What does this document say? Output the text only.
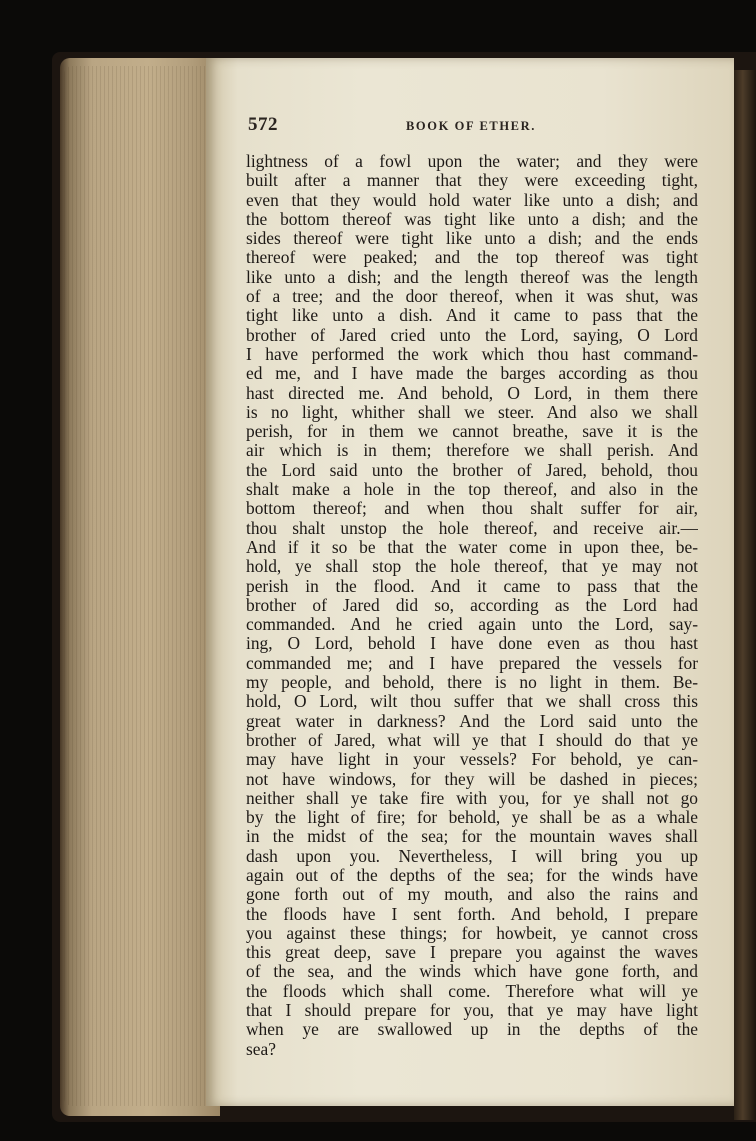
572	BOOK OF ETHER.
lightness of a fowl upon the water; and they were
built after a manner that they were exceeding tight,
even that they would hold water like unto a dish; and
the bottom thereof was tight like unto a dish; and the
sides thereof were tight like unto a dish; and the ends
thereof were peaked; and the top thereof was tight
like unto a dish; and the length thereof was the length
of a tree; and the door thereof, when it was shut, was
tight like unto a dish. And it came to pass that the
brother of Jared cried unto the Lord, saying, O Lord
I have performed the work which thou hast command-
ed me, and I have made the barges according as thou
hast directed me. And behold, O Lord, in them there
is no light, whither shall we steer. And also we shall
perish, for in them we cannot breathe, save it is the
air which is in them; therefore we shall perish. And
the Lord said unto the brother of Jared, behold, thou
shalt make a hole in the top thereof, and also in the
bottom thereof; and when thou shalt suffer for air,
thou shalt unstop the hole thereof, and receive air.—
And if it so be that the water come in upon thee, be-
hold, ye shall stop the hole thereof, that ye may not
perish in the flood. And it came to pass that the
brother of Jared did so, according as the Lord had
commanded. And he cried again unto the Lord, say-
ing, O Lord, behold I have done even as thou hast
commanded me; and I have prepared the vessels for
my people, and behold, there is no light in them. Be-
hold, O Lord, wilt thou suffer that we shall cross this
great water in darkness? And the Lord said unto the
brother of Jared, what will ye that I should do that ye
may have light in your vessels? For behold, ye can-
not have windows, for they will be dashed in pieces;
neither shall ye take fire with you, for ye shall not go
by the light of fire; for behold, ye shall be as a whale
in the midst of the sea; for the mountain waves shall
dash upon you. Nevertheless, I will bring you up
again out of the depths of the sea; for the winds have
gone forth out of my mouth, and also the rains and
the floods have I sent forth. And behold, I prepare
you against these things; for howbeit, ye cannot cross
this great deep, save I prepare you against the waves
of the sea, and the winds which have gone forth, and
the floods which shall come. Therefore what will ye
that I should prepare for you, that ye may have light
when ye are swallowed up in the depths of the
sea?
